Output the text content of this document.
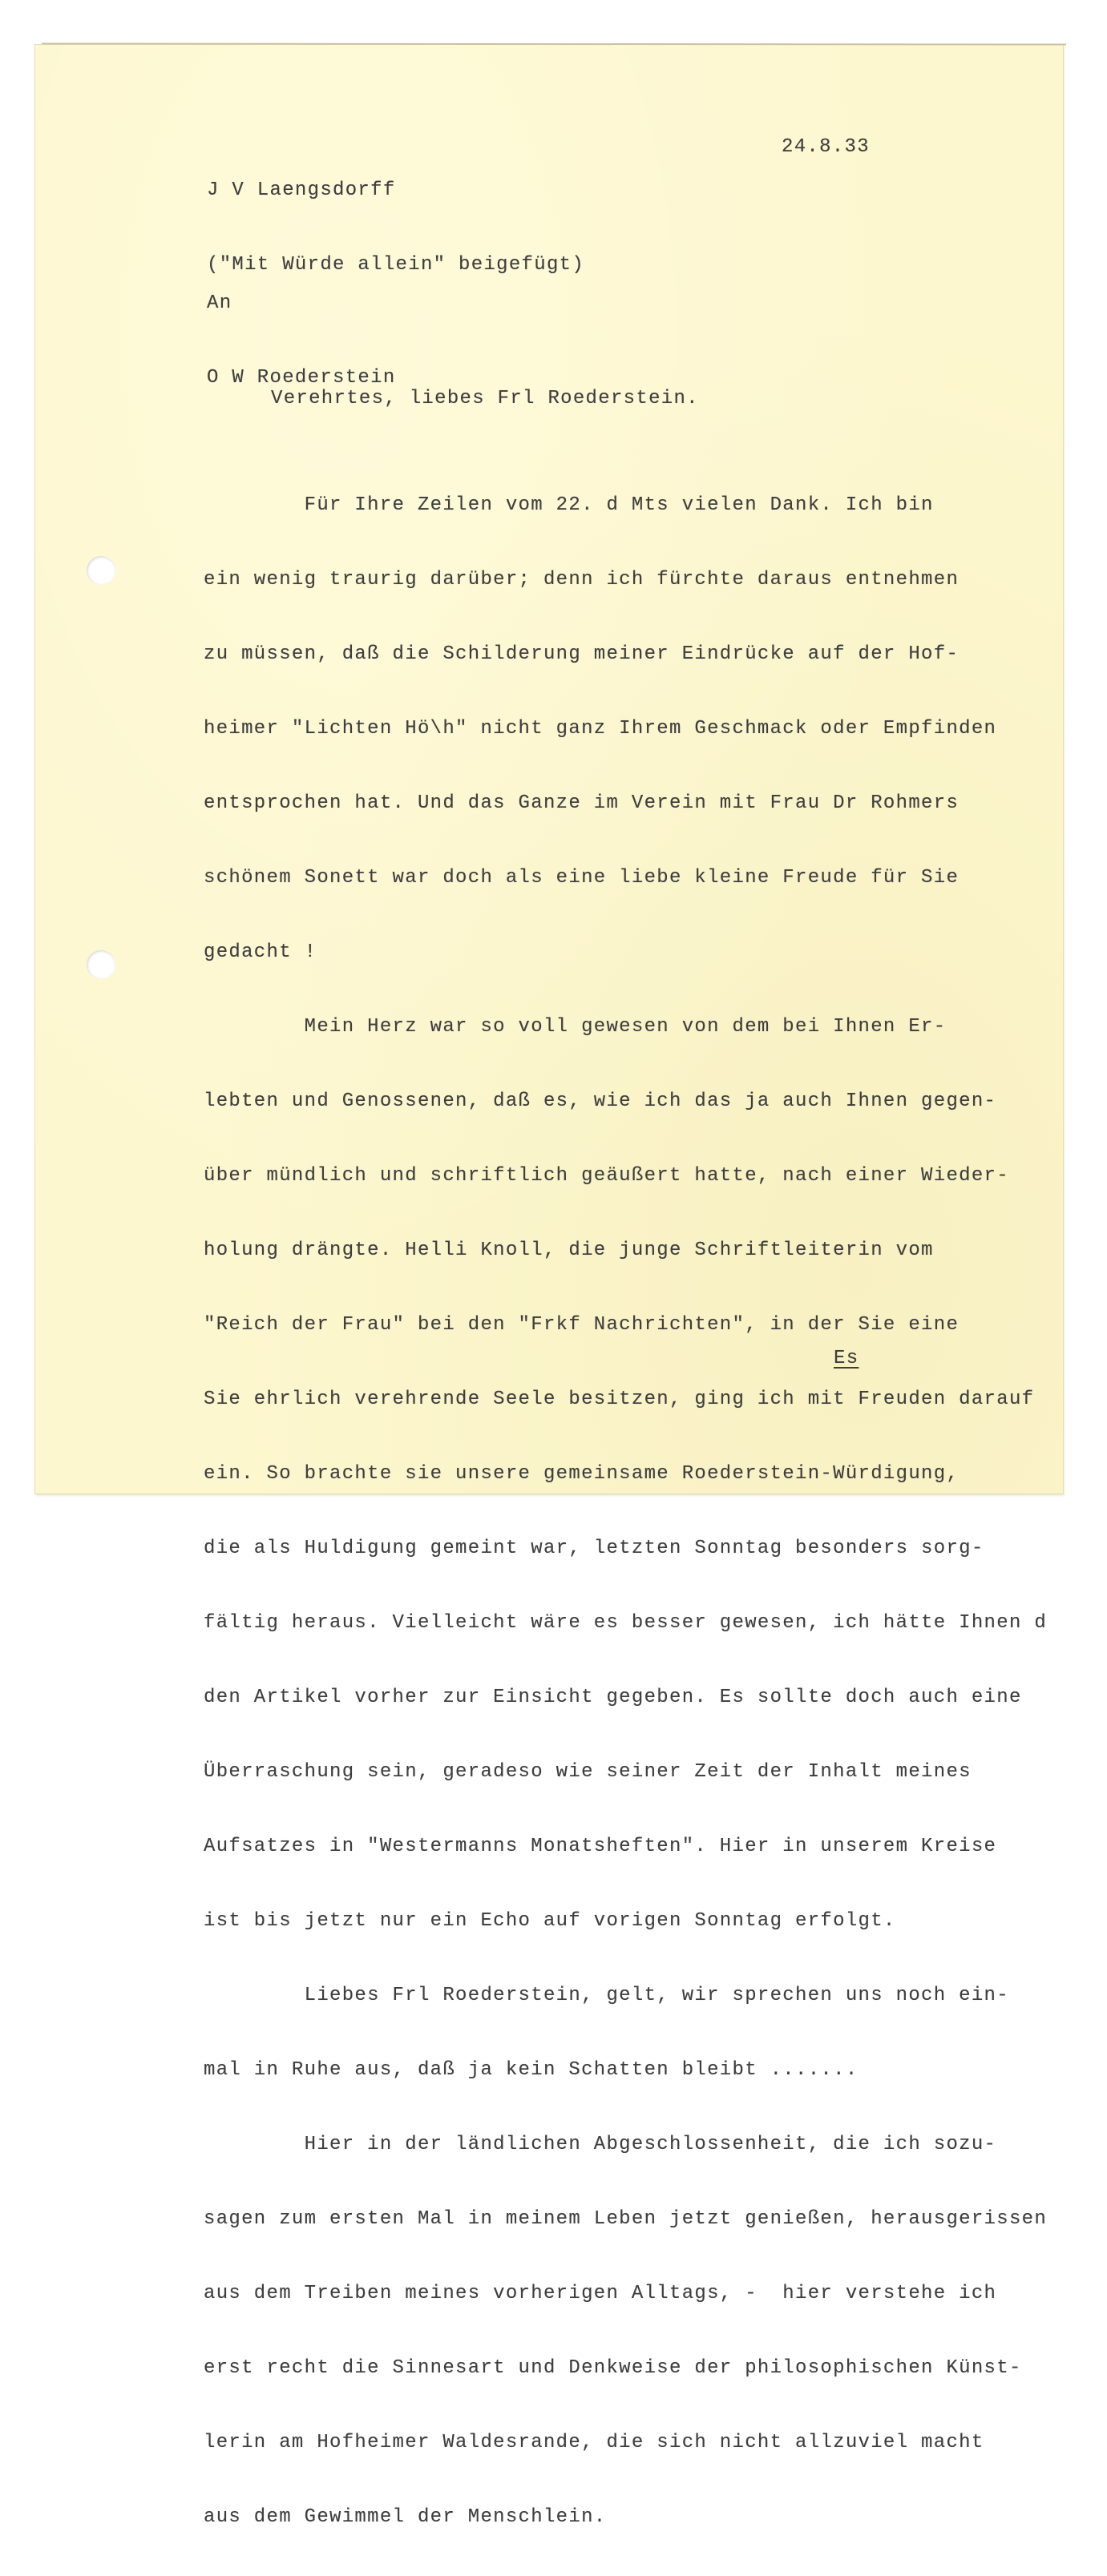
J V Laengsdorff

("Mit Würde allein" beigefügt)

24.8.33

An

O W Roederstein

Verehrtes, liebes Frl Roederstein.

Für Ihre Zeilen vom 22. d Mts vielen Dank. Ich bin

ein wenig traurig darüber; denn ich fürchte daraus entnehmen

zu müssen, daß die Schilderung meiner Eindrücke auf der Hof-

heimer "Lichten Hö\h" nicht ganz Ihrem Geschmack oder Empfinden

entsprochen hat. Und das Ganze im Verein mit Frau Dr Rohmers

schönem Sonett war doch als eine liebe kleine Freude für Sie

gedacht !

Mein Herz war so voll gewesen von dem bei Ihnen Er-

lebten und Genossenen, daß es, wie ich das ja auch Ihnen gegen-

über mündlich und schriftlich geäußert hatte, nach einer Wieder-

holung drängte. Helli Knoll, die junge Schriftleiterin vom

"Reich der Frau" bei den "Frkf Nachrichten", in der Sie eine

Sie ehrlich verehrende Seele besitzen, ging ich mit Freuden darauf

ein. So brachte sie unsere gemeinsame Roederstein-Würdigung,

die als Huldigung gemeint war, letzten Sonntag besonders sorg-

fältig heraus. Vielleicht wäre es besser gewesen, ich hätte Ihnen d

den Artikel vorher zur Einsicht gegeben. Es sollte doch auch eine

Überraschung sein, geradeso wie seiner Zeit der Inhalt meines

Aufsatzes in "Westermanns Monatsheften". Hier in unserem Kreise

ist bis jetzt nur ein Echo auf vorigen Sonntag erfolgt.

Liebes Frl Roederstein, gelt, wir sprechen uns noch ein-

mal in Ruhe aus, daß ja kein Schatten bleibt .......

Hier in der ländlichen Abgeschlossenheit, die ich sozu-

sagen zum ersten Mal in meinem Leben jetzt genießen, herausgerissen

aus dem Treiben meines vorherigen Alltags, -  hier verstehe ich

erst recht die Sinnesart und Denkweise der philosophischen Künst-

lerin am Hofheimer Waldesrande, die sich nicht allzuviel macht

aus dem Gewimmel der Menschlein.

Es
